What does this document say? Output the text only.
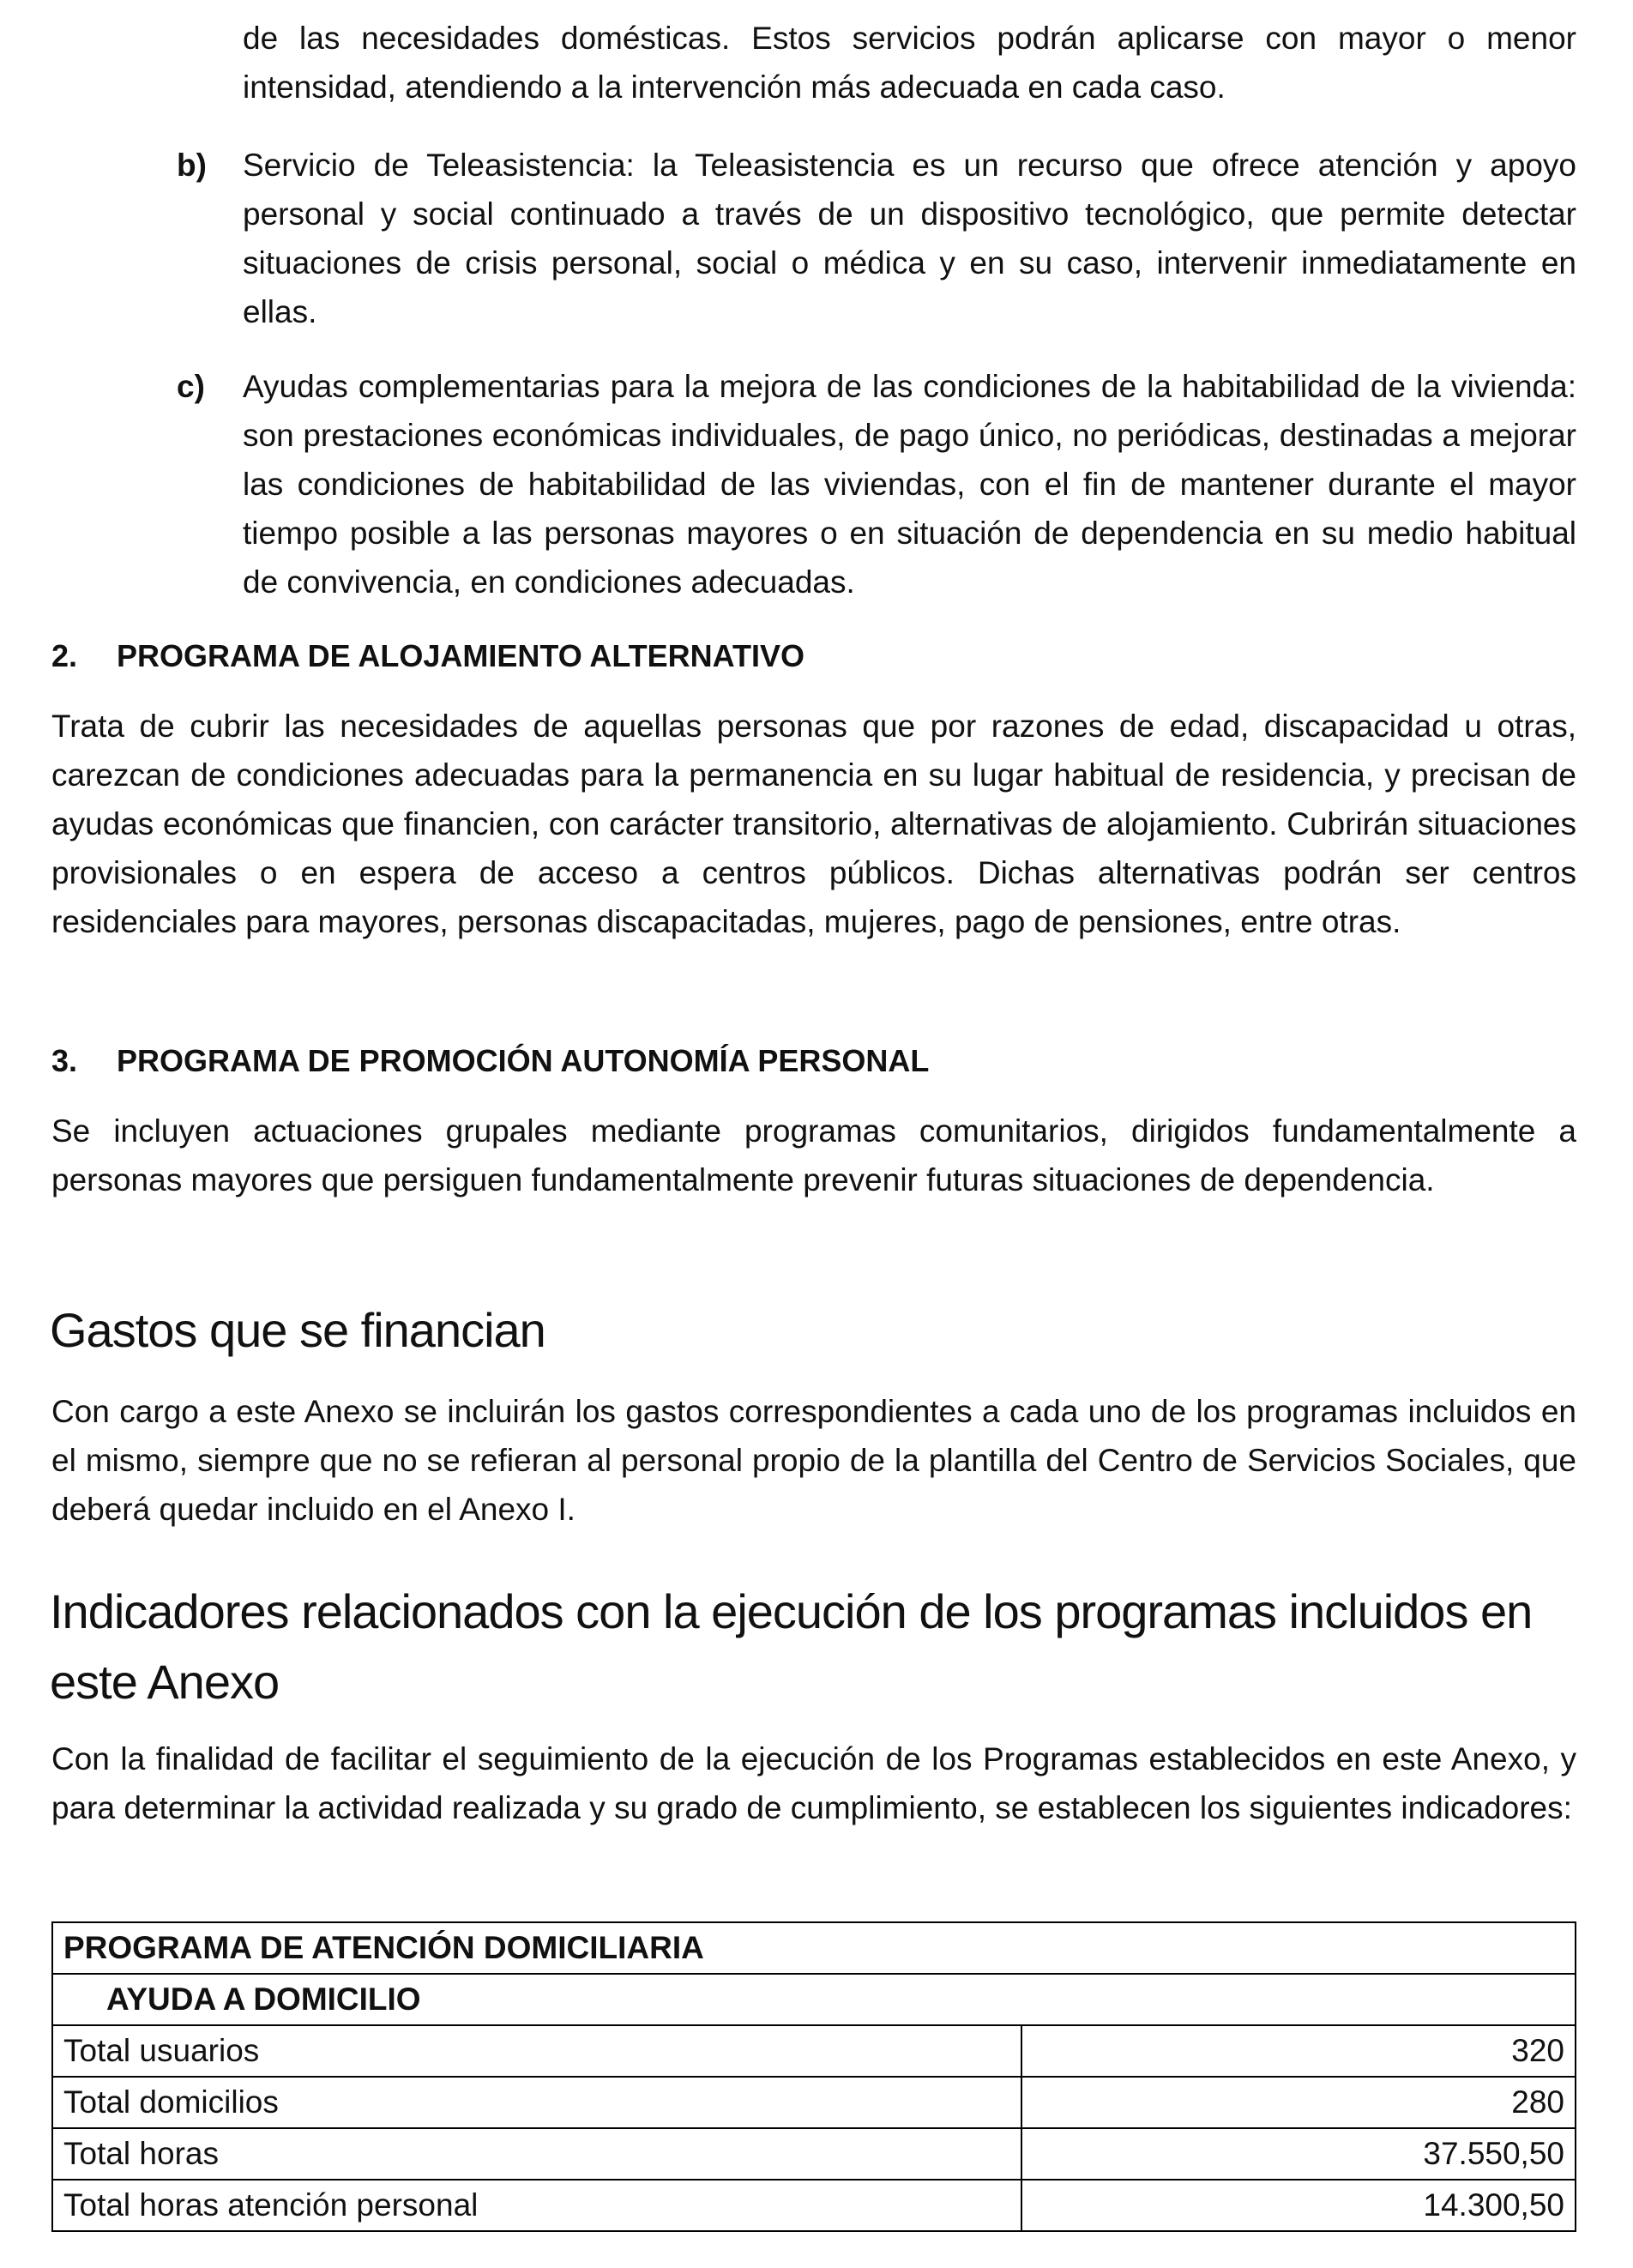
de las necesidades domésticas. Estos servicios podrán aplicarse con mayor o menor intensidad, atendiendo a la intervención más adecuada en cada caso.

b) Servicio de Teleasistencia: la Teleasistencia es un recurso que ofrece atención y apoyo personal y social continuado a través de un dispositivo tecnológico, que permite detectar situaciones de crisis personal, social o médica y en su caso, intervenir inmediatamente en ellas.

c) Ayudas complementarias para la mejora de las condiciones de la habitabilidad de la vivienda: son prestaciones económicas individuales, de pago único, no periódicas, destinadas a mejorar las condiciones de habitabilidad de las viviendas, con el fin de mantener durante el mayor tiempo posible a las personas mayores o en situación de dependencia en su medio habitual de convivencia, en condiciones adecuadas.

2. PROGRAMA DE ALOJAMIENTO ALTERNATIVO

Trata de cubrir las necesidades de aquellas personas que por razones de edad, discapacidad u otras, carezcan de condiciones adecuadas para la permanencia en su lugar habitual de residencia, y precisan de ayudas económicas que financien, con carácter transitorio, alternativas de alojamiento. Cubrirán situaciones provisionales o en espera de acceso a centros públicos. Dichas alternativas podrán ser centros residenciales para mayores, personas discapacitadas, mujeres, pago de pensiones, entre otras.

3. PROGRAMA DE PROMOCIÓN AUTONOMÍA PERSONAL

Se incluyen actuaciones grupales mediante programas comunitarios, dirigidos fundamentalmente a personas mayores que persiguen fundamentalmente prevenir futuras situaciones de dependencia.

Gastos que se financian

Con cargo a este Anexo se incluirán los gastos correspondientes a cada uno de los programas incluidos en el mismo, siempre que no se refieran al personal propio de la plantilla del Centro de Servicios Sociales, que deberá quedar incluido en el Anexo I.

Indicadores relacionados con la ejecución de los programas incluidos en este Anexo

Con la finalidad de facilitar el seguimiento de la ejecución de los Programas establecidos en este Anexo, y para determinar la actividad realizada y su grado de cumplimiento, se establecen los siguientes indicadores:

PROGRAMA DE ATENCIÓN DOMICILIARIA	
AYUDA A DOMICILIO	
Total usuarios	320
Total domicilios	280
Total horas	37.550,50
Total horas atención personal	14.300,50
